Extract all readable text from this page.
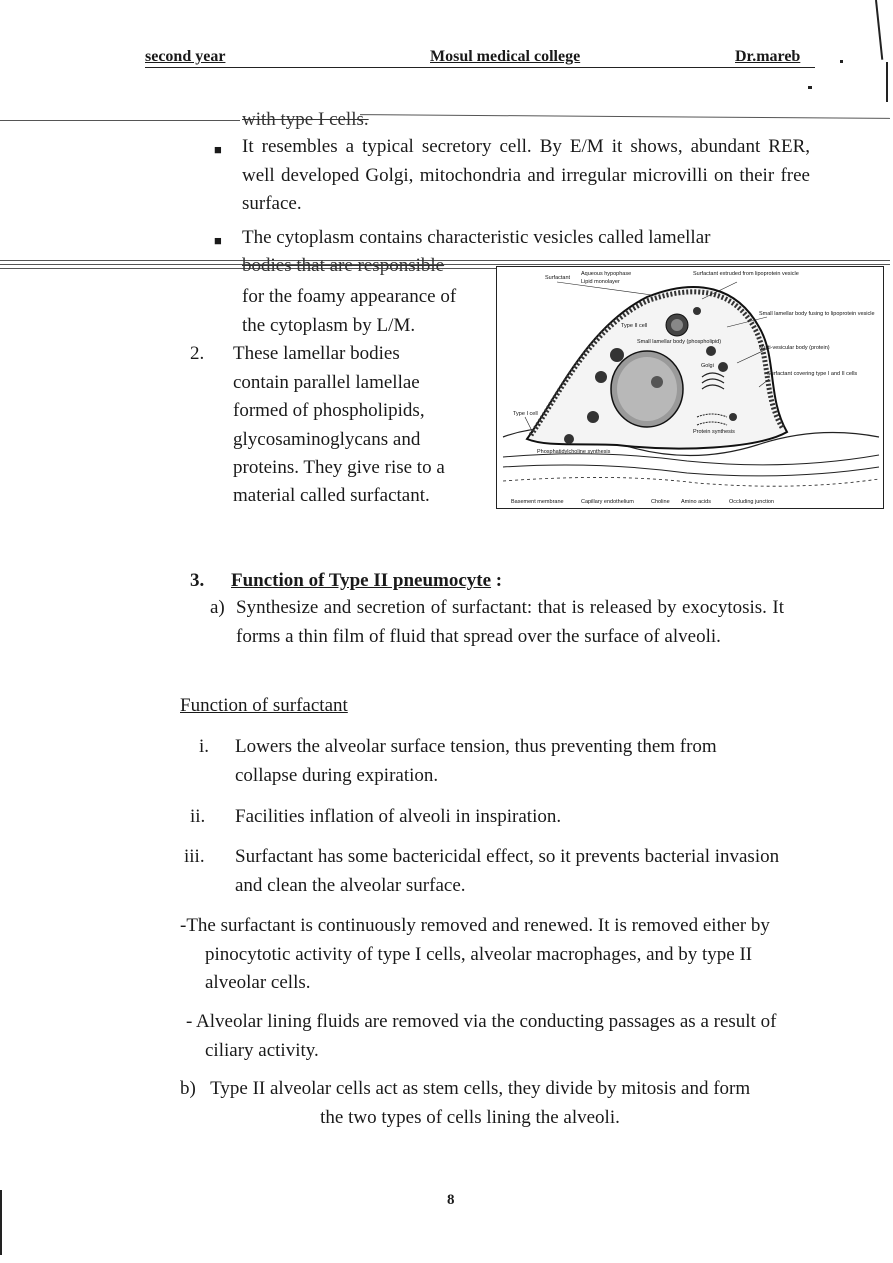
second year	Mosul medical college	Dr.mareb
with type I cells.
■ It resembles a typical secretory cell. By E/M it shows, abundant RER, well developed Golgi, mitochondria and irregular microvilli on their free surface.
■ The cytoplasm contains characteristic vesicles called lamellar
bodies that are responsible
for the foamy appearance of
the cytoplasm by L/M.
2. These lamellar bodies
contain parallel lamellae
formed of phospholipids,
glycosaminoglycans and
proteins. They give rise to a
material called surfactant.
Surfactant
Aqueous hypophase
Lipid monolayer
Surfactant extruded from lipoprotein vesicle
Small lamellar body fusing to lipoprotein vesicle
Multi-vesicular body (protein)
Surfactant covering type I and II cells
Type II cell
Small lamellar body (phospholipid)
Golgi
Protein synthesis
Phosphatidylcholine synthesis
Type I cell
Basement membrane	Capillary endothelium	Choline Amino acids	Occluding junction
3. Function of Type II pneumocyte :
a) Synthesize and secretion of surfactant: that is released by exocytosis. It forms a thin film of fluid that spread over the surface of alveoli.
Function of surfactant
i. Lowers the alveolar surface tension, thus preventing them from collapse during expiration.
ii. Facilities inflation of alveoli in inspiration.
iii. Surfactant has some bactericidal effect, so it prevents bacterial invasion and clean the alveolar surface.
-The surfactant is continuously removed and renewed. It is removed either by pinocytotic activity of type I cells, alveolar macrophages, and by type II alveolar cells.
- Alveolar lining fluids are removed via the conducting passages as a result of ciliary activity.
b) Type II alveolar cells act as stem cells, they divide by mitosis and form the two types of cells lining the alveoli.
8
